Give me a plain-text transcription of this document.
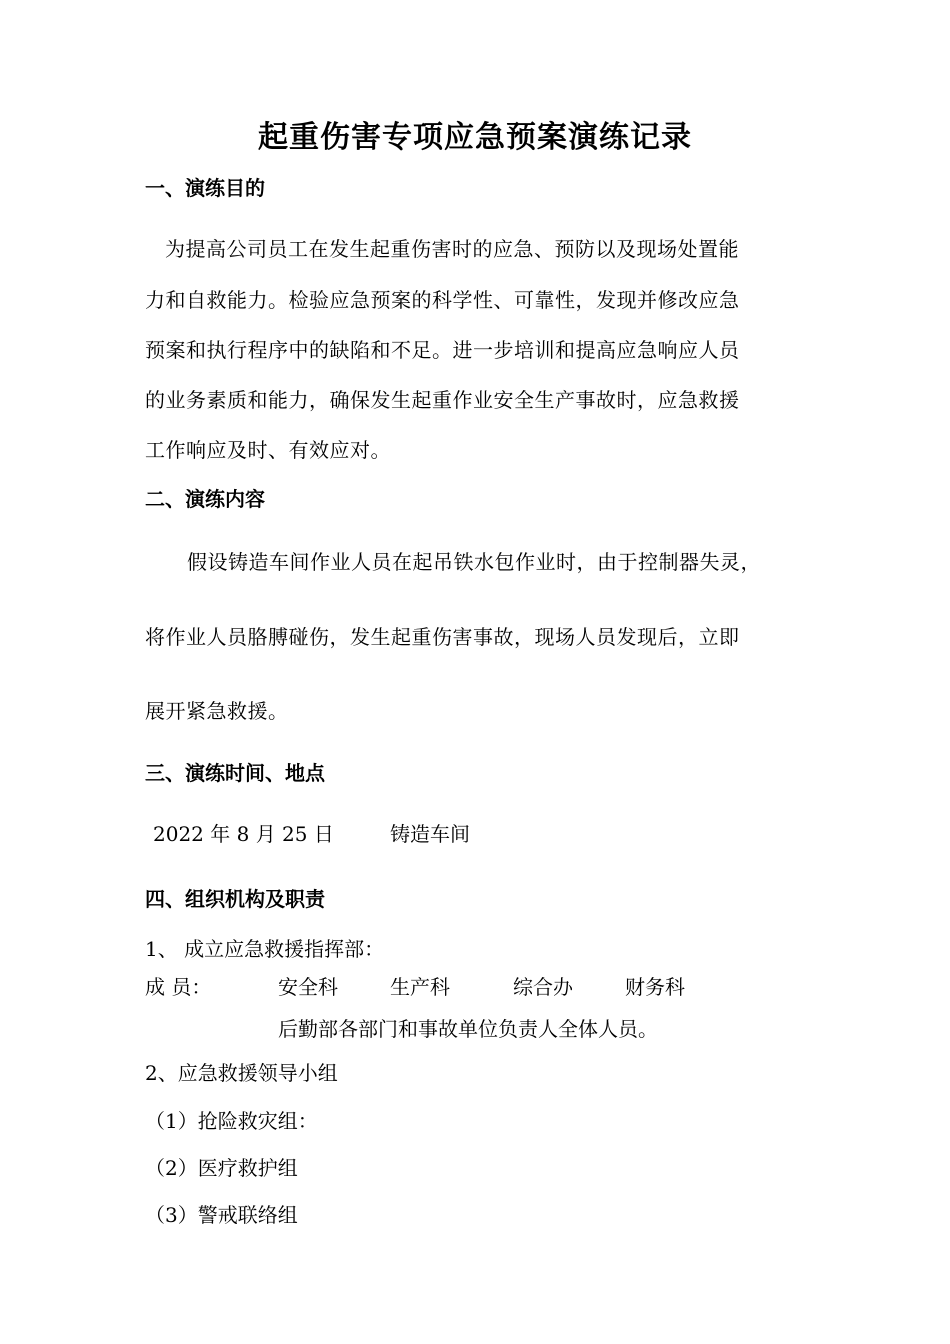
起重伤害专项应急预案演练记录
一、演练目的
为提高公司员工在发生起重伤害时的应急、预防以及现场处置能
力和自救能力。检验应急预案的科学性、可靠性，发现并修改应急
预案和执行程序中的缺陷和不足。进一步培训和提高应急响应人员
的业务素质和能力，确保发生起重作业安全生产事故时，应急救援
工作响应及时、有效应对。
二、演练内容
假设铸造车间作业人员在起吊铁水包作业时，由于控制器失灵，
将作业人员胳膊碰伤，发生起重伤害事故，现场人员发现后，立即
展开紧急救援。
三、演练时间、地点
2022 年 8 月 25 日	铸造车间
四、组织机构及职责
1、 成立应急救援指挥部：
成 员：	安全科	生产科	综合办	财务科
后勤部各部门和事故单位负责人全体人员。
2、应急救援领导小组
（1）抢险救灾组：
（2）医疗救护组
（3）警戒联络组
